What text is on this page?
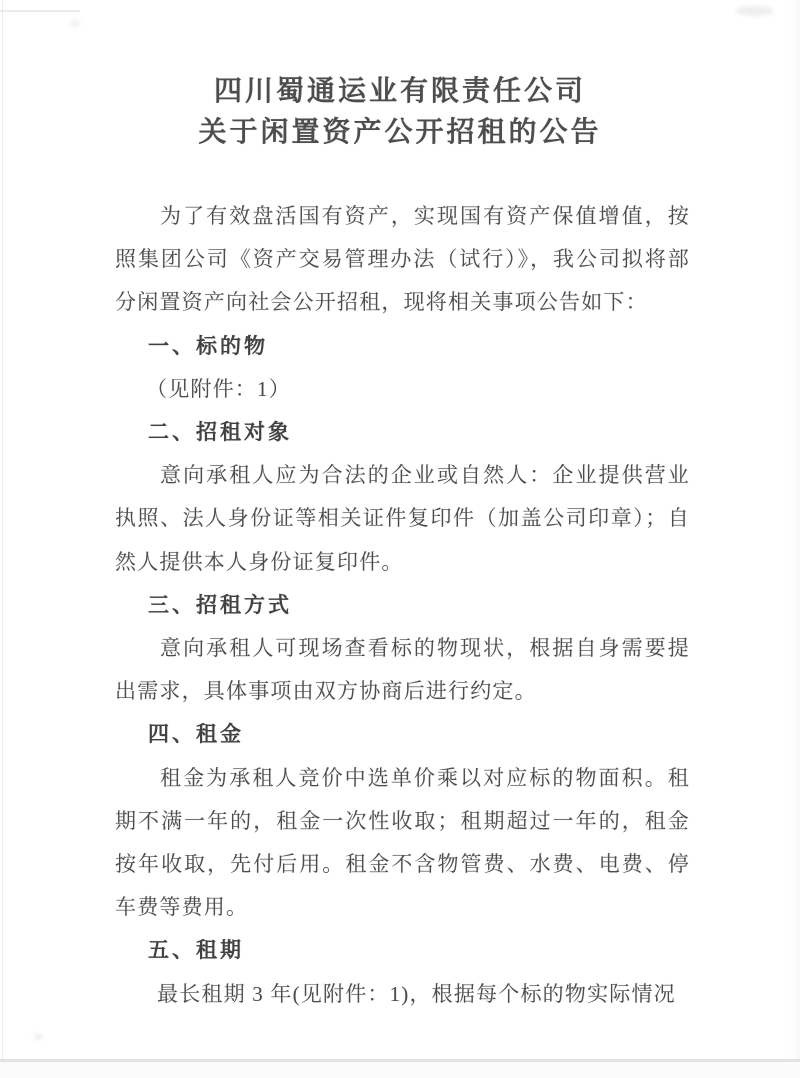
四川蜀通运业有限责任公司
关于闲置资产公开招租的公告

为了有效盘活国有资产，实现国有资产保值增值，按照集团公司《资产交易管理办法（试行）》，我公司拟将部分闲置资产向社会公开招租，现将相关事项公告如下：

一、标的物

（见附件：1）

二、招租对象

意向承租人应为合法的企业或自然人：企业提供营业执照、法人身份证等相关证件复印件（加盖公司印章）；自然人提供本人身份证复印件。

三、招租方式

意向承租人可现场查看标的物现状，根据自身需要提出需求，具体事项由双方协商后进行约定。

四、租金

租金为承租人竞价中选单价乘以对应标的物面积。租期不满一年的，租金一次性收取；租期超过一年的，租金按年收取，先付后用。租金不含物管费、水费、电费、停车费等费用。

五、租期

最长租期 3 年(见附件：1)，根据每个标的物实际情况
